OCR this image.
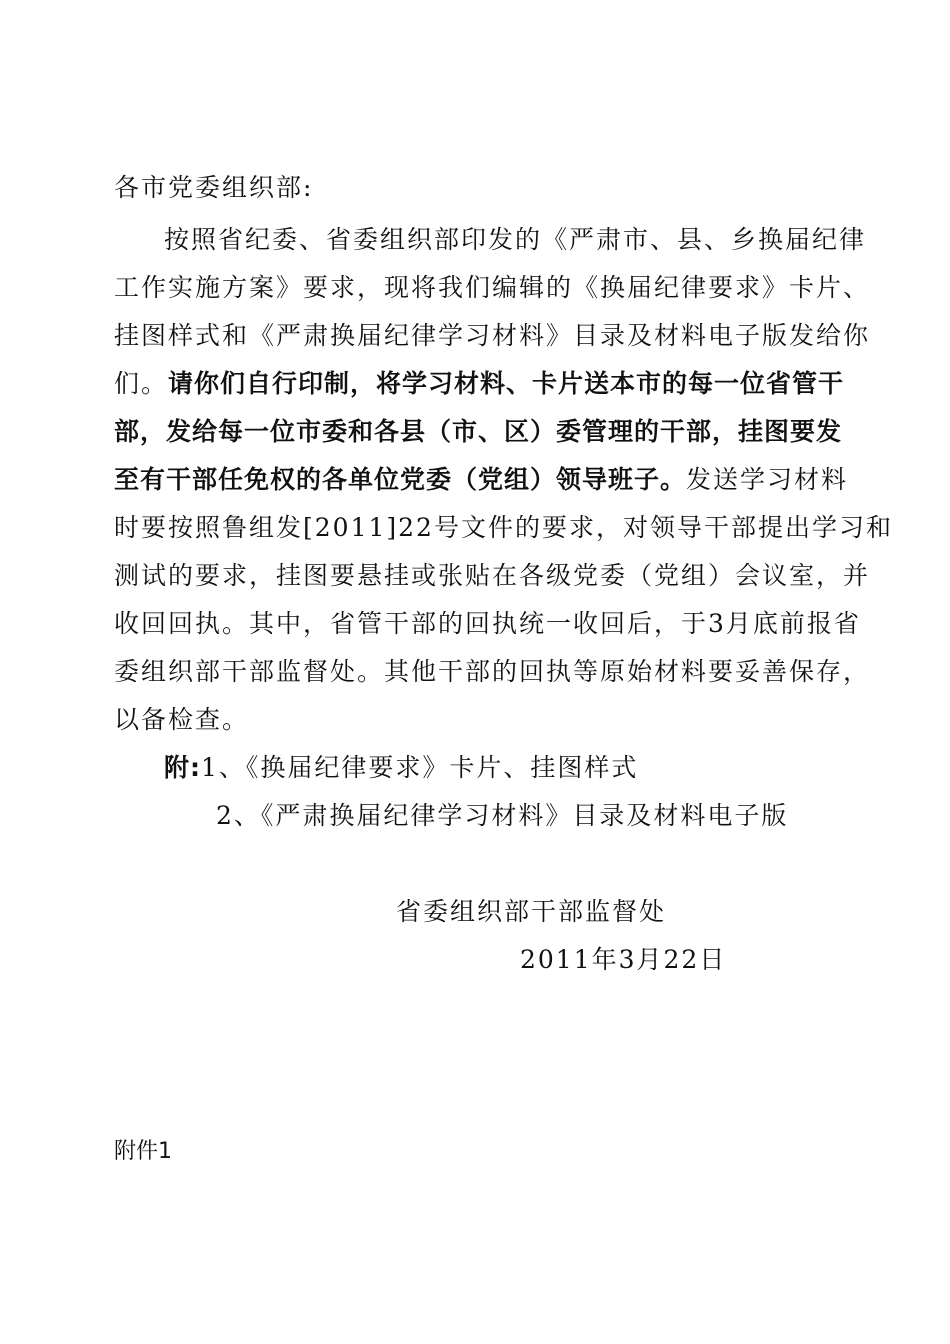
各市党委组织部:
按照省纪委、省委组织部印发的《严肃市、县、乡换届纪律
工作实施方案》要求，现将我们编辑的《换届纪律要求》卡片、
挂图样式和《严肃换届纪律学习材料》目录及材料电子版发给你
们。请你们自行印制，将学习材料、卡片送本市的每一位省管干
部，发给每一位市委和各县（市、区）委管理的干部，挂图要发
至有干部任免权的各单位党委（党组）领导班子。发送学习材料
时要按照鲁组发[2011]22号文件的要求，对领导干部提出学习和
测试的要求，挂图要悬挂或张贴在各级党委（党组）会议室，并
收回回执。其中，省管干部的回执统一收回后，于3月底前报省
委组织部干部监督处。其他干部的回执等原始材料要妥善保存，
以备检查。
附:1、《换届纪律要求》卡片、挂图样式
2、《严肃换届纪律学习材料》目录及材料电子版
省委组织部干部监督处
2011年3月22日
附件1
